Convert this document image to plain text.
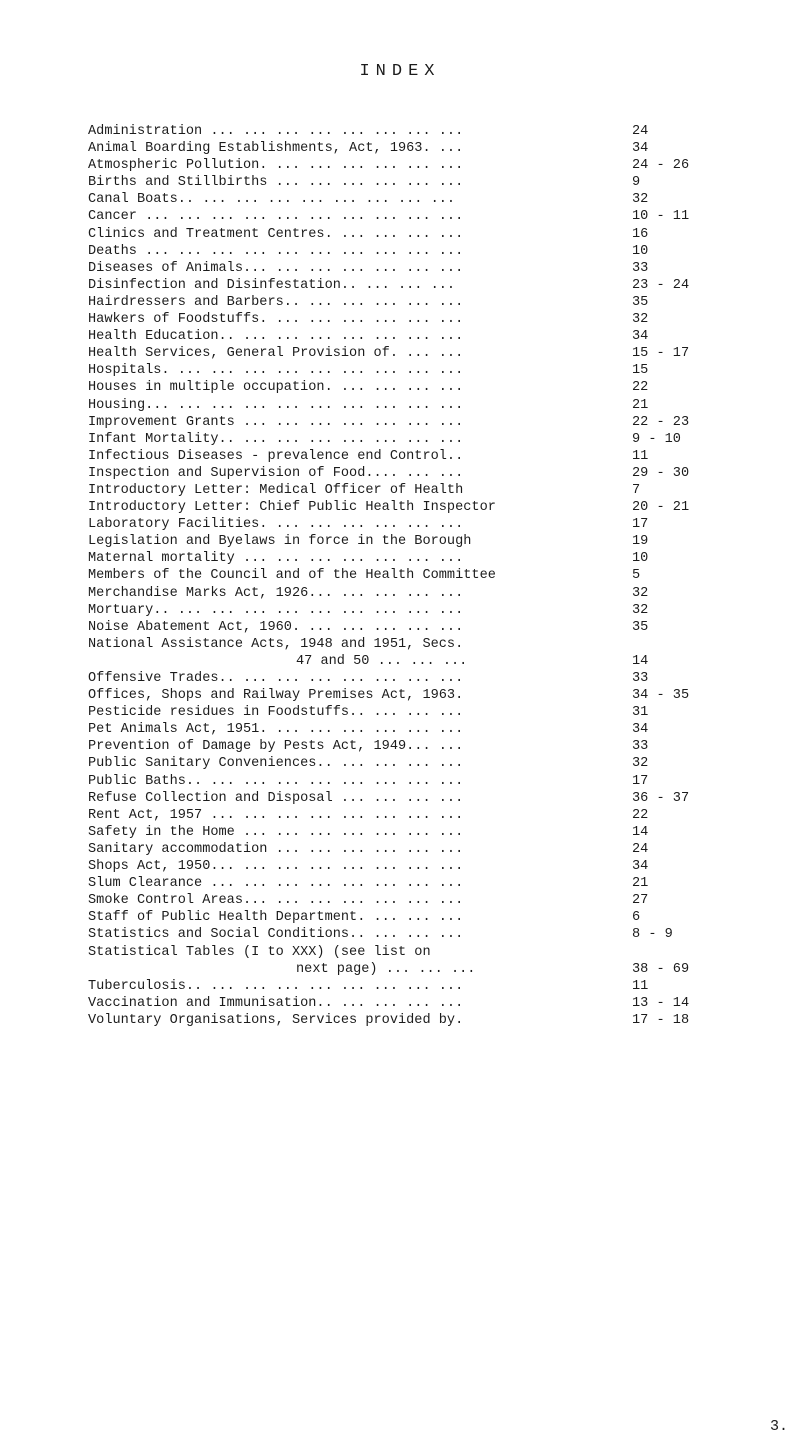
INDEX
Administration ... ... ... ... ... ... ... ...	24
Animal Boarding Establishments, Act, 1963. ...	34
Atmospheric Pollution. ... ... ... ... ... ...	24 - 26
Births and Stillbirths ... ... ... ... ... ...	9
Canal Boats.. ... ... ... ... ... ... ... ...	32
Cancer ... ... ... ... ... ... ... ... ... ...	10 - 11
Clinics and Treatment Centres. ... ... ... ...	16
Deaths ... ... ... ... ... ... ... ... ... ...	10
Diseases of Animals... ... ... ... ... ... ...	33
Disinfection and Disinfestation.. ... ... ...	23 - 24
Hairdressers and Barbers.. ... ... ... ... ...	35
Hawkers of Foodstuffs. ... ... ... ... ... ...	32
Health Education.. ... ... ... ... ... ... ...	34
Health Services, General Provision of. ... ...	15 - 17
Hospitals. ... ... ... ... ... ... ... ... ...	15
Houses in multiple occupation. ... ... ... ...	22
Housing... ... ... ... ... ... ... ... ... ...	21
Improvement Grants ... ... ... ... ... ... ...	22 - 23
Infant Mortality.. ... ... ... ... ... ... ...	9 - 10
Infectious Diseases - prevalence end Control..	11
Inspection and Supervision of Food.... ... ...	29 - 30
Introductory Letter: Medical Officer of Health	7
Introductory Letter: Chief Public Health Inspector	20 - 21
Laboratory Facilities. ... ... ... ... ... ...	17
Legislation and Byelaws in force in the Borough	19
Maternal mortality ... ... ... ... ... ... ...	10
Members of the Council and of the Health Committee	5
Merchandise Marks Act, 1926... ... ... ... ...	32
Mortuary.. ... ... ... ... ... ... ... ... ...	32
Noise Abatement Act, 1960. ... ... ... ... ...	35
National Assistance Acts, 1948 and 1951, Secs.
47 and 50 ... ... ...	14
Offensive Trades.. ... ... ... ... ... ... ...	33
Offices, Shops and Railway Premises Act, 1963.	34 - 35
Pesticide residues in Foodstuffs.. ... ... ...	31
Pet Animals Act, 1951. ... ... ... ... ... ...	34
Prevention of Damage by Pests Act, 1949... ...	33
Public Sanitary Conveniences.. ... ... ... ...	32
Public Baths.. ... ... ... ... ... ... ... ...	17
Refuse Collection and Disposal ... ... ... ...	36 - 37
Rent Act, 1957 ... ... ... ... ... ... ... ...	22
Safety in the Home ... ... ... ... ... ... ...	14
Sanitary accommodation ... ... ... ... ... ...	24
Shops Act, 1950... ... ... ... ... ... ... ...	34
Slum Clearance ... ... ... ... ... ... ... ...	21
Smoke Control Areas... ... ... ... ... ... ...	27
Staff of Public Health Department. ... ... ...	6
Statistics and Social Conditions.. ... ... ...	8 - 9
Statistical Tables (I to XXX) (see list on
next page) ... ... ...	38 - 69
Tuberculosis.. ... ... ... ... ... ... ... ...	11
Vaccination and Immunisation.. ... ... ... ...	13 - 14
Voluntary Organisations, Services provided by.	17 - 18
3.
